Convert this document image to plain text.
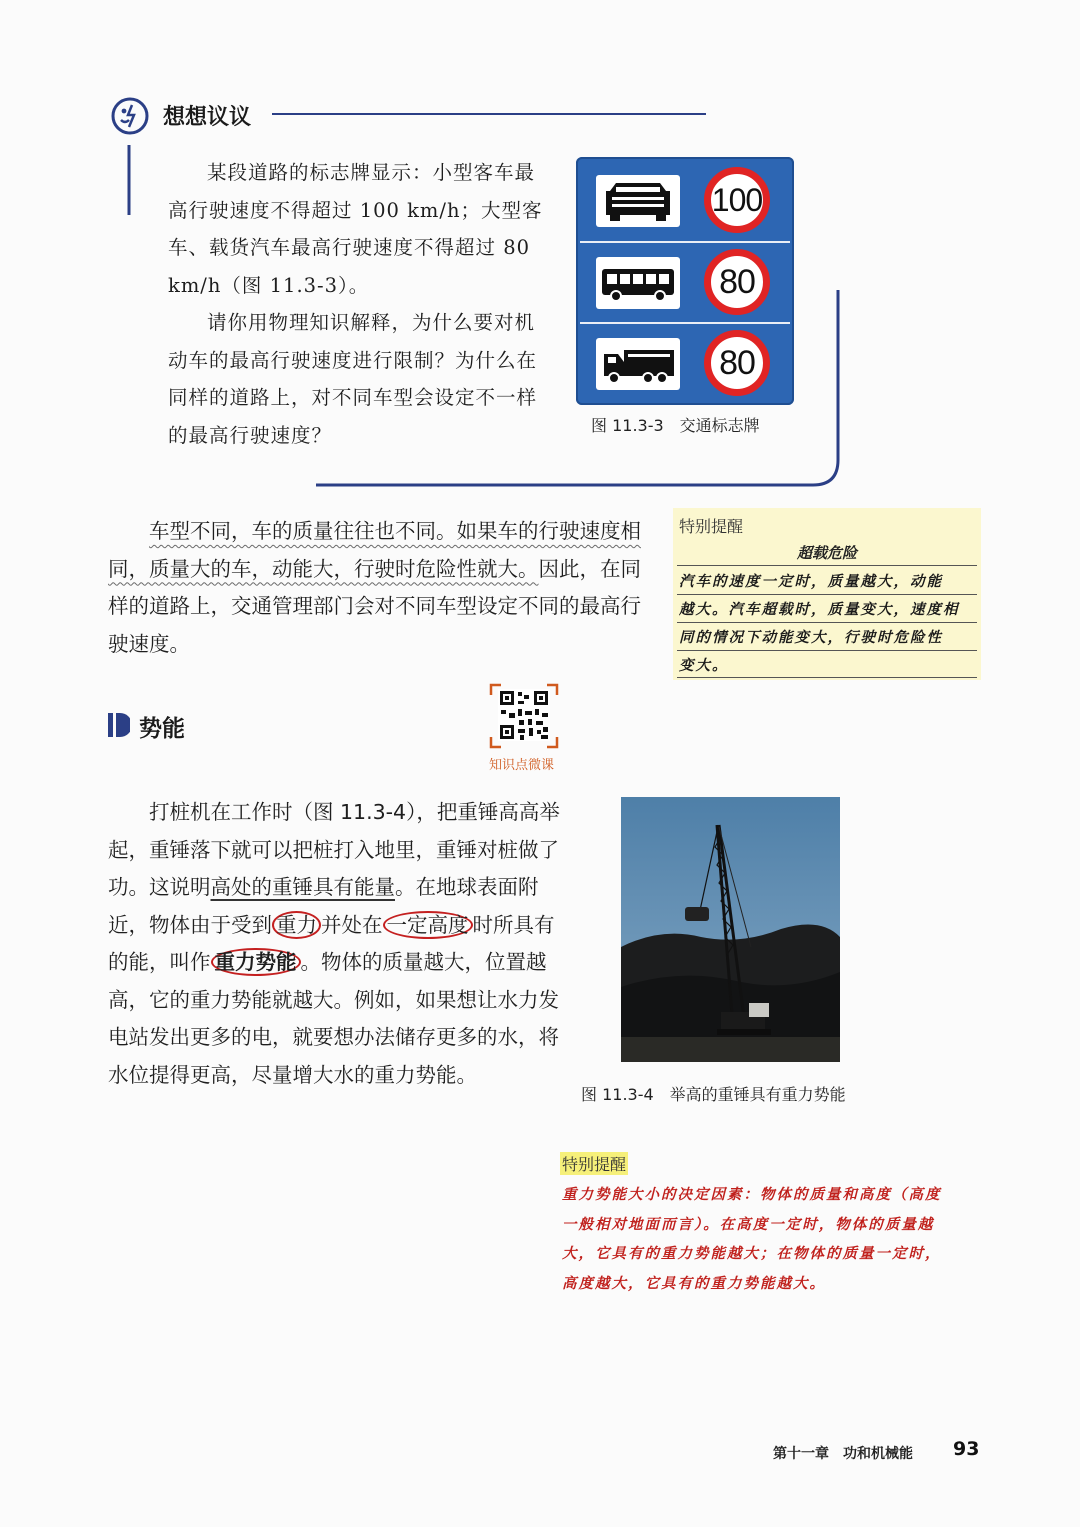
想想议议

某段道路的标志牌显示：小型客车最高行驶速度不得超过 100 km/h；大型客车、载货汽车最高行驶速度不得超过 80 km/h（图 11.3-3）。

请你用物理知识解释，为什么要对机动车的最高行驶速度进行限制？为什么在同样的道路上，对不同车型会设定不一样的最高行驶速度？

100
80
80
图 11.3-3　交通标志牌

车型不同，车的质量往往也不同。如果车的行驶速度相同，质量大的车，动能大，行驶时危险性就大。因此，在同样的道路上，交通管理部门会对不同车型设定不同的最高行驶速度。

特别提醒
超载危险
汽车的速度一定时，质量越大，动能
越大。汽车超载时，质量变大，速度相
同的情况下动能变大，行驶时危险性
变大。
势能
知识点微课

打桩机在工作时（图 11.3-4），把重锤高高举起，重锤落下就可以把桩打入地里，重锤对桩做了功。这说明高处的重锤具有能量。在地球表面附近，物体由于受到 重力 并处在 一定高度 时所具有的能，叫作 重力势能 。物体的质量越大，位置越高，它的重力势能就越大。例如，如果想让水力发电站发出更多的电，就要想办法储存更多的水，将水位提得更高，尽量增大水的重力势能。

图 11.3-4　举高的重锤具有重力势能
特别提醒
重力势能大小的决定因素：物体的质量和高度（高度
一般相对地面而言）。在高度一定时，物体的质量越
大，它具有的重力势能越大；在物体的质量一定时，
高度越大，它具有的重力势能越大。
第十一章　功和机械能 93
